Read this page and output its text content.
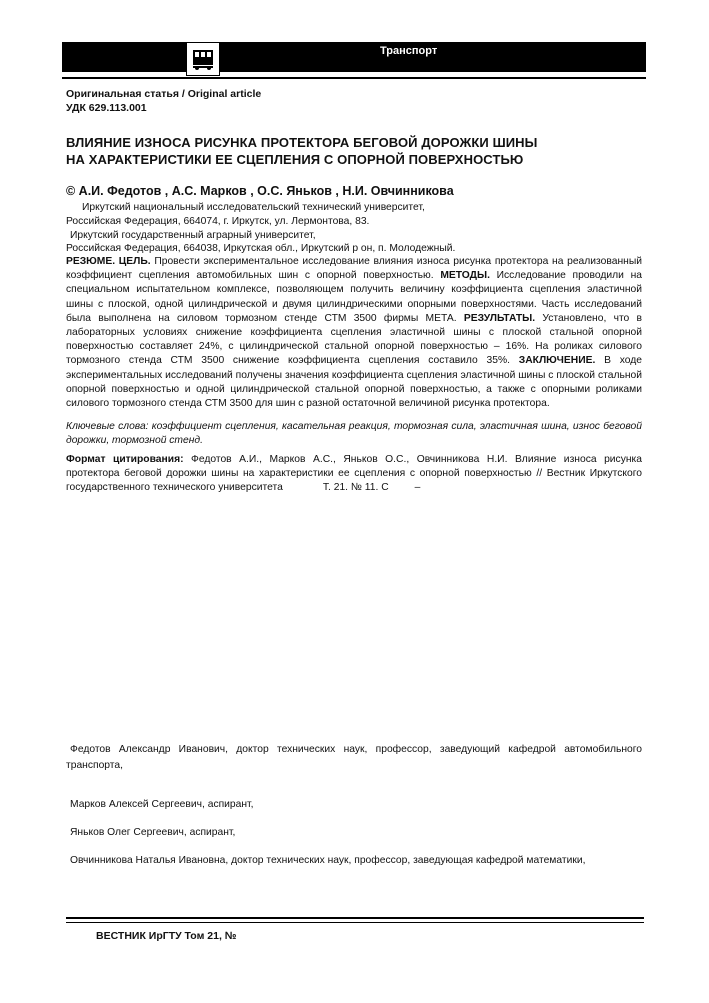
Транспорт
Оригинальная статья / Original article
УДК 629.113.001
ВЛИЯНИЕ ИЗНОСА РИСУНКА ПРОТЕКТОРА БЕГОВОЙ ДОРОЖКИ ШИНЫ
НА ХАРАКТЕРИСТИКИ ЕЕ СЦЕПЛЕНИЯ С ОПОРНОЙ ПОВЕРХНОСТЬЮ
© А.И. Федотов , А.С. Марков , О.С. Яньков , Н.И. Овчинникова
Иркутский национальный исследовательский технический университет,
Российская Федерация, 664074, г. Иркутск, ул. Лермонтова, 83.
Иркутский государственный аграрный университет,
Российская Федерация, 664038, Иркутская обл., Иркутский р он, п. Молодежный.

РЕЗЮМЕ. ЦЕЛЬ. Провести экспериментальное исследование влияния износа рисунка протектора на реализованный коэффициент сцепления автомобильных шин с опорной поверхностью. МЕТОДЫ. Исследование проводили на специальном испытательном комплексе, позволяющем получить величину коэффициента сцепления эластичной шины с плоской, одной цилиндрической и двумя цилиндрическими опорными поверхностями. Часть исследований была выполнена на силовом тормозном стенде СТМ 3500 фирмы МЕТА. РЕЗУЛЬТАТЫ. Установлено, что в лабораторных условиях снижение коэффициента сцепления эластичной шины с плоской стальной опорной поверхностью составляет 24%, с цилиндрической стальной опорной поверхностью – 16%. На роликах силового тормозного стенда СТМ 3500 снижение коэффициента сцепления составило 35%. ЗАКЛЮЧЕНИЕ. В ходе экспериментальных исследований получены значения коэффициента сцепления эластичной шины с плоской стальной опорной поверхностью и одной цилиндрической стальной опорной поверхностью, а также с опорными роликами силового тормозного стенда СТМ 3500 для шин с разной остаточной величиной рисунка протектора.

Ключевые слова: коэффициент сцепления, касательная реакция, тормозная сила, эластичная шина, износ беговой дорожки, тормозной стенд.

Формат цитирования: Федотов А.И., Марков А.С., Яньков О.С., Овчинникова Н.И. Влияние износа рисунка протектора беговой дорожки шины на характеристики ее сцепления с опорной поверхностью // Вестник Иркутского государственного технического университета	Т. 21. № 11. С	–

Федотов Александр Иванович, доктор технических наук, профессор, заведующий кафедрой автомобильного транспорта,

Марков Алексей Сергеевич, аспирант,
Яньков Олег Сергеевич, аспирант,

Овчинникова Наталья Ивановна, доктор технических наук, профессор, заведующая кафедрой математики,

ВЕСТНИК ИрГТУ Том 21, №
